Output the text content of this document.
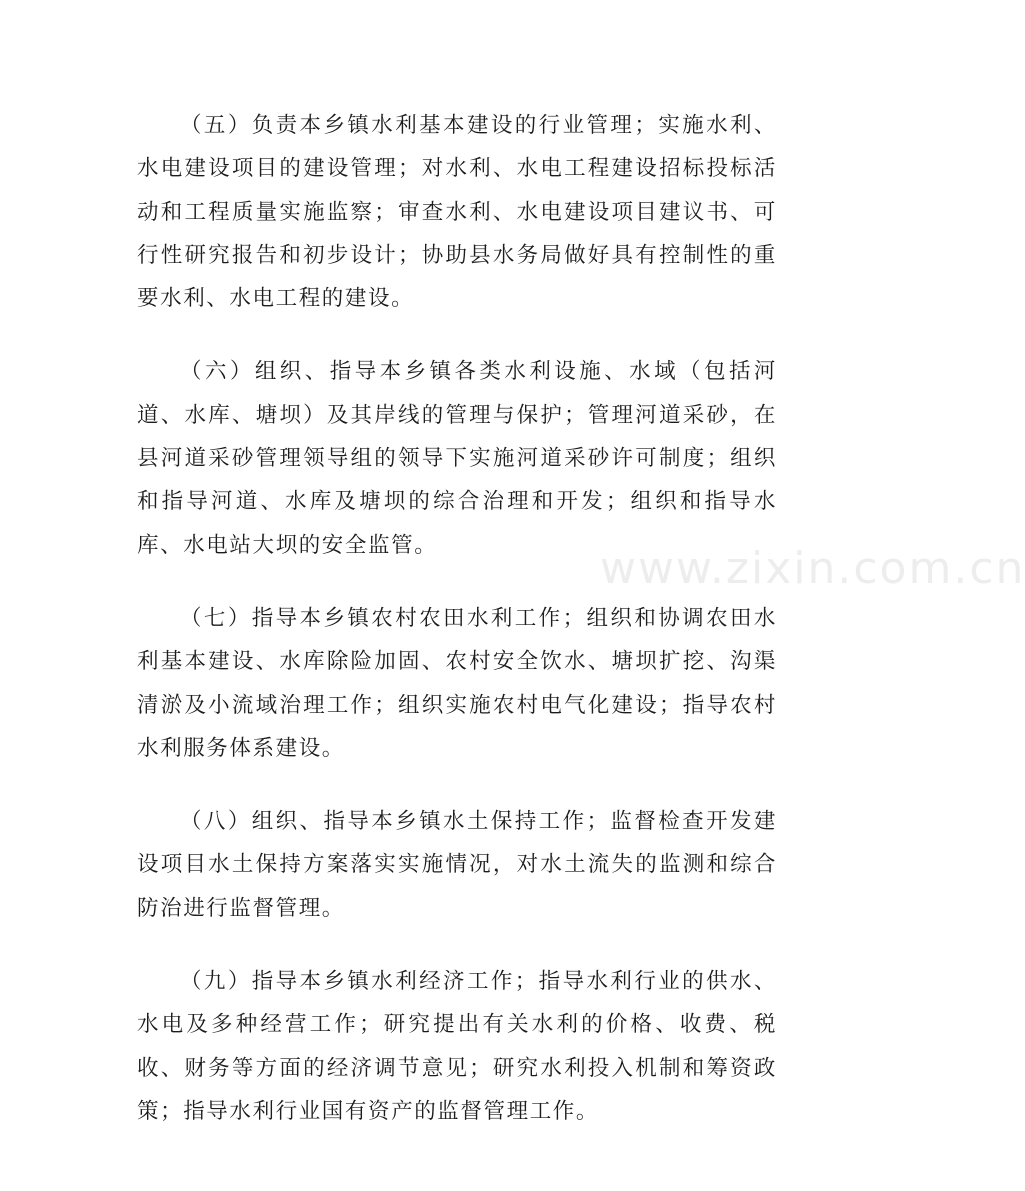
（五）负责本乡镇水利基本建设的行业管理；实施水利、水电建设项目的建设管理；对水利、水电工程建设招标投标活动和工程质量实施监察；审查水利、水电建设项目建议书、可行性研究报告和初步设计；协助县水务局做好具有控制性的重要水利、水电工程的建设。

（六）组织、指导本乡镇各类水利设施、水域（包括河道、水库、塘坝）及其岸线的管理与保护；管理河道采砂，在县河道采砂管理领导组的领导下实施河道采砂许可制度；组织和指导河道、水库及塘坝的综合治理和开发；组织和指导水库、水电站大坝的安全监管。

（七）指导本乡镇农村农田水利工作；组织和协调农田水利基本建设、水库除险加固、农村安全饮水、塘坝扩挖、沟渠清淤及小流域治理工作；组织实施农村电气化建设；指导农村水利服务体系建设。

（八）组织、指导本乡镇水土保持工作；监督检查开发建设项目水土保持方案落实实施情况，对水土流失的监测和综合防治进行监督管理。

（九）指导本乡镇水利经济工作；指导水利行业的供水、水电及多种经营工作；研究提出有关水利的价格、收费、税收、财务等方面的经济调节意见；研究水利投入机制和筹资政策；指导水利行业国有资产的监督管理工作。

www.zixin.com.cn
